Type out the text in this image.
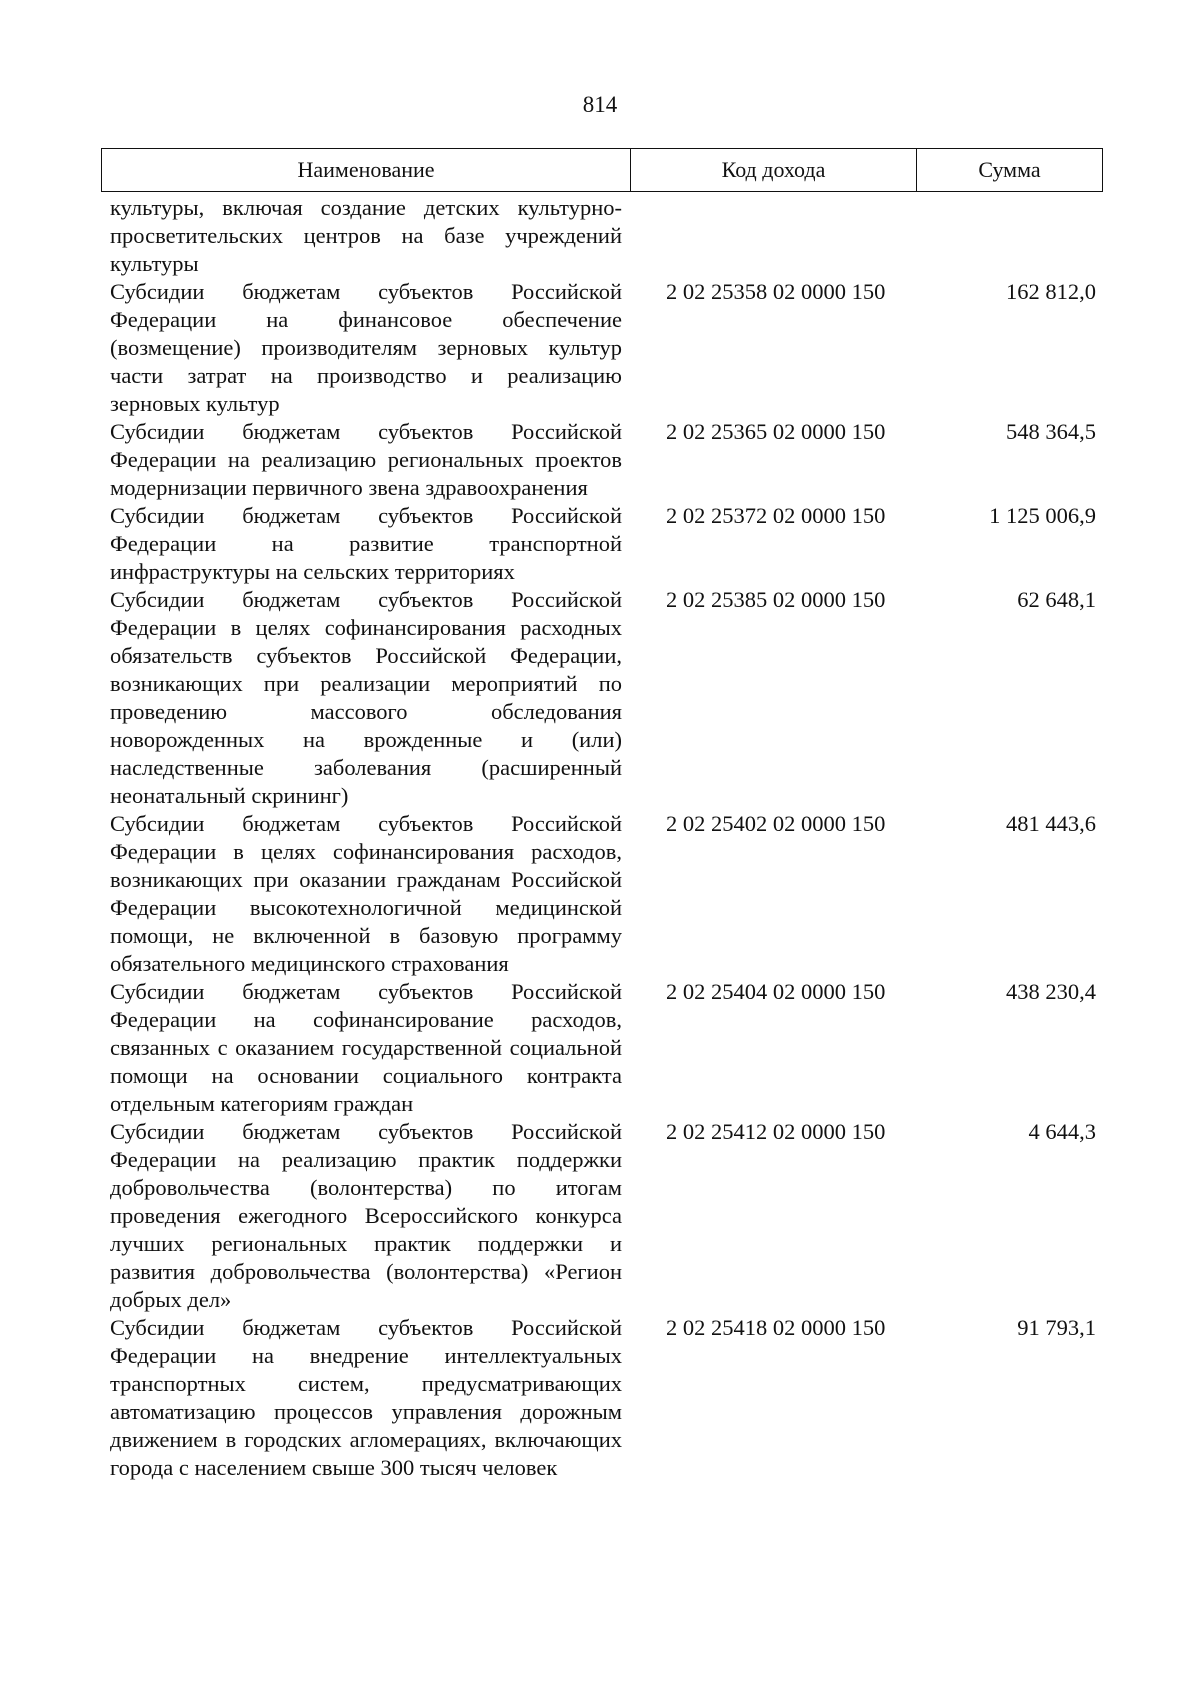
814
Наименование	Код дохода	Сумма
культуры, включая создание детских культурно-просветительских центров на базе учреждений культуры
Субсидии бюджетам субъектов Российской Федерации на финансовое обеспечение (возмещение) производителям зерновых культур части затрат на производство и реализацию зерновых культур
2 02 25358 02 0000 150	162 812,0
Субсидии бюджетам субъектов Российской Федерации на реализацию региональных проектов модернизации первичного звена здравоохранения
2 02 25365 02 0000 150	548 364,5
Субсидии бюджетам субъектов Российской Федерации на развитие транспортной инфраструктуры на сельских территориях
2 02 25372 02 0000 150	1 125 006,9
Субсидии бюджетам субъектов Российской Федерации в целях софинансирования расходных обязательств субъектов Российской Федерации, возникающих при реализации мероприятий по проведению массового обследования новорожденных на врожденные и (или) наследственные заболевания (расширенный неонатальный скрининг)
2 02 25385 02 0000 150	62 648,1
Субсидии бюджетам субъектов Российской Федерации в целях софинансирования расходов, возникающих при оказании гражданам Российской Федерации высокотехнологичной медицинской помощи, не включенной в базовую программу обязательного медицинского страхования
2 02 25402 02 0000 150	481 443,6
Субсидии бюджетам субъектов Российской Федерации на софинансирование расходов, связанных с оказанием государственной социальной помощи на основании социального контракта отдельным категориям граждан
2 02 25404 02 0000 150	438 230,4
Субсидии бюджетам субъектов Российской Федерации на реализацию практик поддержки добровольчества (волонтерства) по итогам проведения ежегодного Всероссийского конкурса лучших региональных практик поддержки и развития добровольчества (волонтерства) «Регион добрых дел»
2 02 25412 02 0000 150	4 644,3
Субсидии бюджетам субъектов Российской Федерации на внедрение интеллектуальных транспортных систем, предусматривающих автоматизацию процессов управления дорожным движением в городских агломерациях, включающих города с населением свыше 300 тысяч человек
2 02 25418 02 0000 150	91 793,1
